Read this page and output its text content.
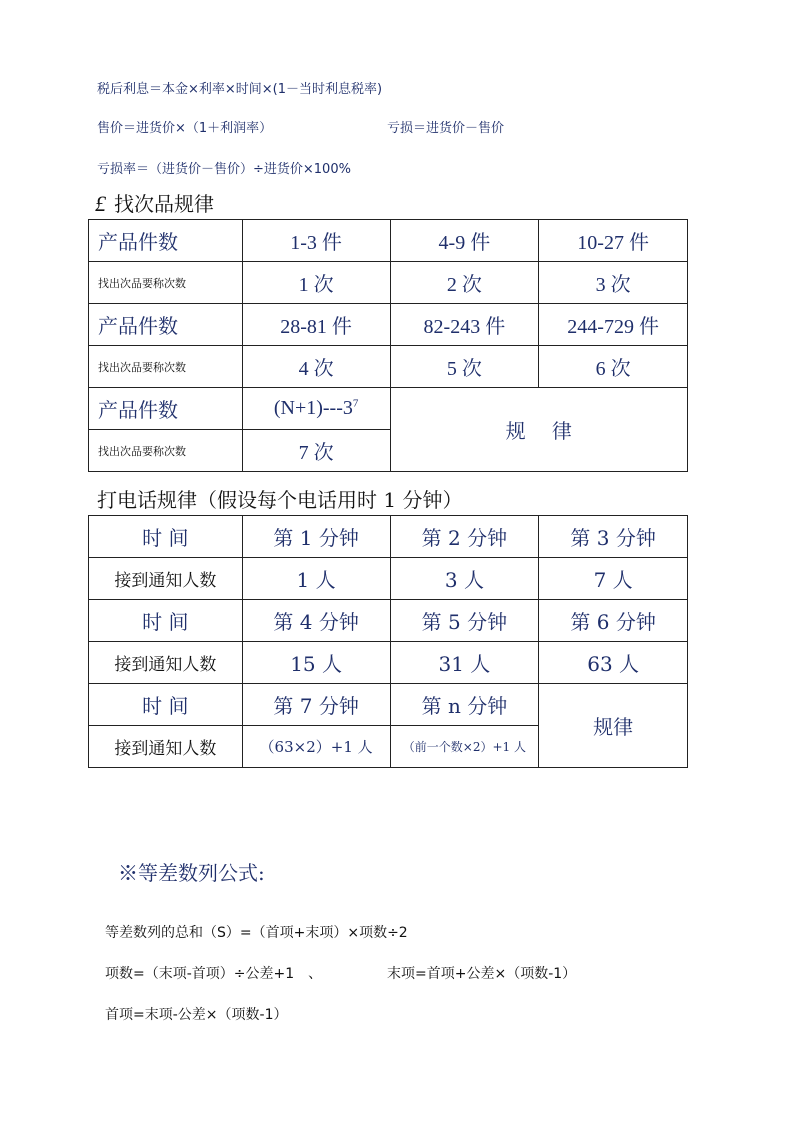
税后利息＝本金×利率×时间×(1－当时利息税率)
售价＝进货价×（1＋利润率）	亏损＝进货价－售价
亏损率＝（进货价－售价）÷进货价×100%
£ 找次品规律
产品件数	1-3 件	4-9 件	10-27 件
找出次品要称次数	1 次	2 次	3 次
产品件数	28-81 件	82-243 件	244-729 件
找出次品要称次数	4 次	5 次	6 次
产品件数	$(N+1)---3^7$	规　 律	
找出次品要称次数	7 次		
打电话规律（假设每个电话用时 1 分钟）
时 间	第 1 分钟	第 2 分钟	第 3 分钟
接到通知人数	1 人	3 人	7 人
时 间	第 4 分钟	第 5 分钟	第 6 分钟
接到通知人数	15 人	31 人	63 人
时 间	第 7 分钟	第 n 分钟	规律
接到通知人数	（63×2）+1 人	（前一个数×2）+1 人	
※等差数列公式:
等差数列的总和（S）=（首项+末项）×项数÷2
项数=（末项-首项）÷公差+1　、	末项=首项+公差×（项数-1）
首项=末项-公差×（项数-1）
